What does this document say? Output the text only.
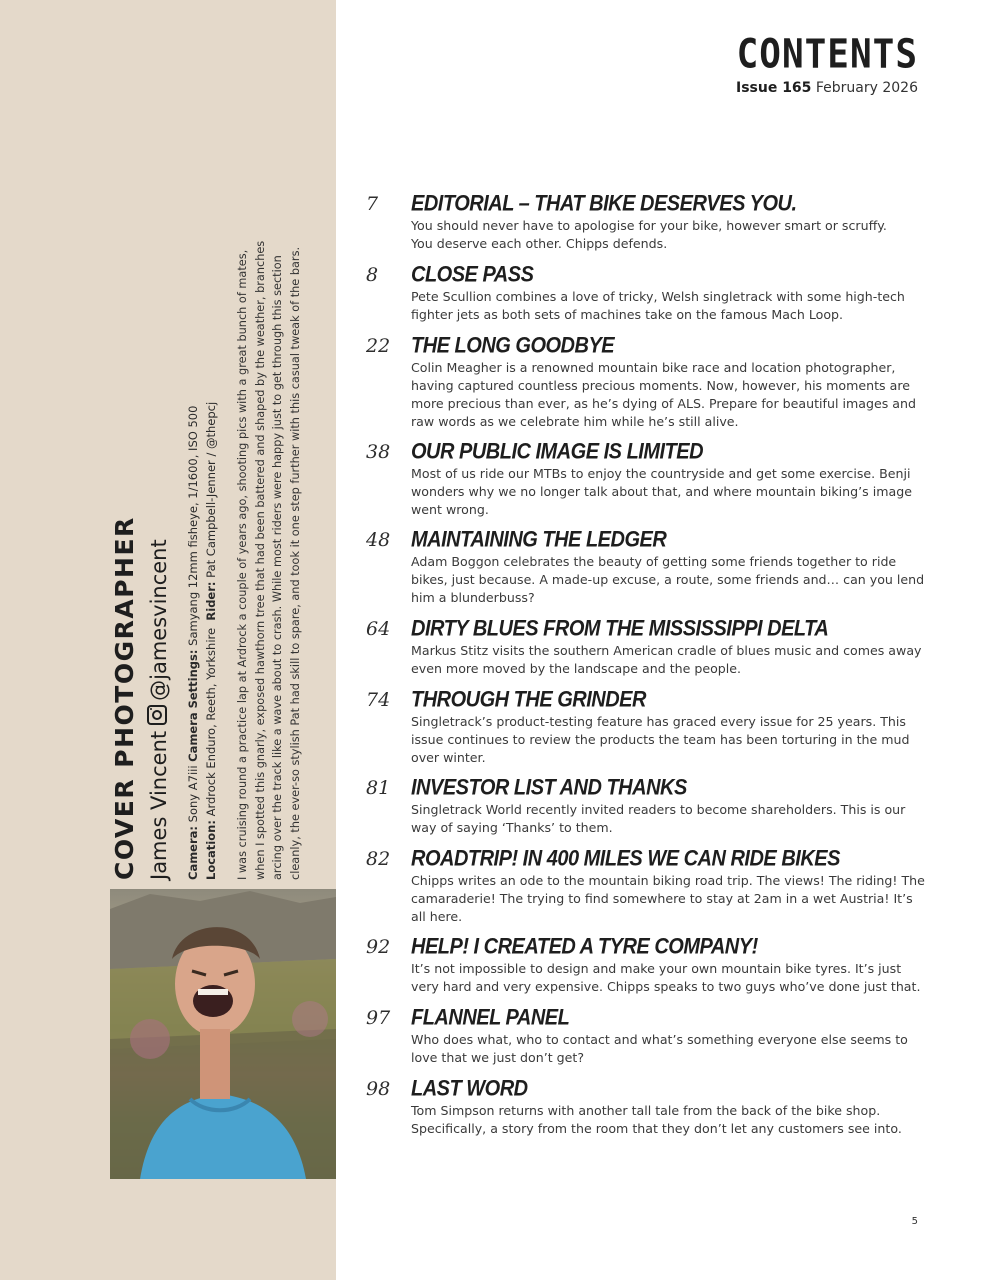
COVER PHOTOGRAPHER James Vincent@jamesvincent
Camera: Sony A7iii Camera Settings: Samyang 12mm fisheye, 1/1600, ISO 500
Location: Ardrock Enduro, Reeth, Yorkshire  Rider: Pat Campbell-Jenner / @thepcj I was cruising round a practice lap at Ardrock a couple of years ago, shooting pics with a great bunch of mates, when I spotted this gnarly, exposed hawthorn tree that had been battered and shaped by the weather, branches arcing over the track like a wave about to crash. While most riders were happy just to get through this section cleanly, the ever-so stylish Pat had skill to spare, and took it one step further with this casual tweak of the bars.
CONTENTS
Issue 165 February 2026
7	EDITORIAL – THAT BIKE DESERVES YOU.
You should never have to apologise for your bike, however smart or scruffy.
You deserve each other. Chipps defends.
8	CLOSE PASS
Pete Scullion combines a love of tricky, Welsh singletrack with some high-tech
fighter jets as both sets of machines take on the famous Mach Loop.
22	THE LONG GOODBYE
Colin Meagher is a renowned mountain bike race and location photographer,
having captured countless precious moments. Now, however, his moments are
more precious than ever, as he’s dying of ALS. Prepare for beautiful images and
raw words as we celebrate him while he’s still alive.
38	OUR PUBLIC IMAGE IS LIMITED
Most of us ride our MTBs to enjoy the countryside and get some exercise. Benji
wonders why we no longer talk about that, and where mountain biking’s image
went wrong.
48	MAINTAINING THE LEDGER
Adam Boggon celebrates the beauty of getting some friends together to ride
bikes, just because. A made-up excuse, a route, some friends and… can you lend
him a blunderbuss?
64	DIRTY BLUES FROM THE MISSISSIPPI DELTA
Markus Stitz visits the southern American cradle of blues music and comes away
even more moved by the landscape and the people.
74	THROUGH THE GRINDER
Singletrack’s product-testing feature has graced every issue for 25 years. This
issue continues to review the products the team has been torturing in the mud
over winter.
81	INVESTOR LIST AND THANKS
Singletrack World recently invited readers to become shareholders. This is our
way of saying ‘Thanks’ to them.
82	ROADTRIP! IN 400 MILES WE CAN RIDE BIKES
Chipps writes an ode to the mountain biking road trip. The views! The riding! The
camaraderie! The trying to find somewhere to stay at 2am in a wet Austria! It’s
all here.
92	HELP! I CREATED A TYRE COMPANY!
It’s not impossible to design and make your own mountain bike tyres. It’s just
very hard and very expensive. Chipps speaks to two guys who’ve done just that.
97	FLANNEL PANEL
Who does what, who to contact and what’s something everyone else seems to
love that we just don’t get?
98	LAST WORD
Tom Simpson returns with another tall tale from the back of the bike shop.
Specifically, a story from the room that they don’t let any customers see into.
5
